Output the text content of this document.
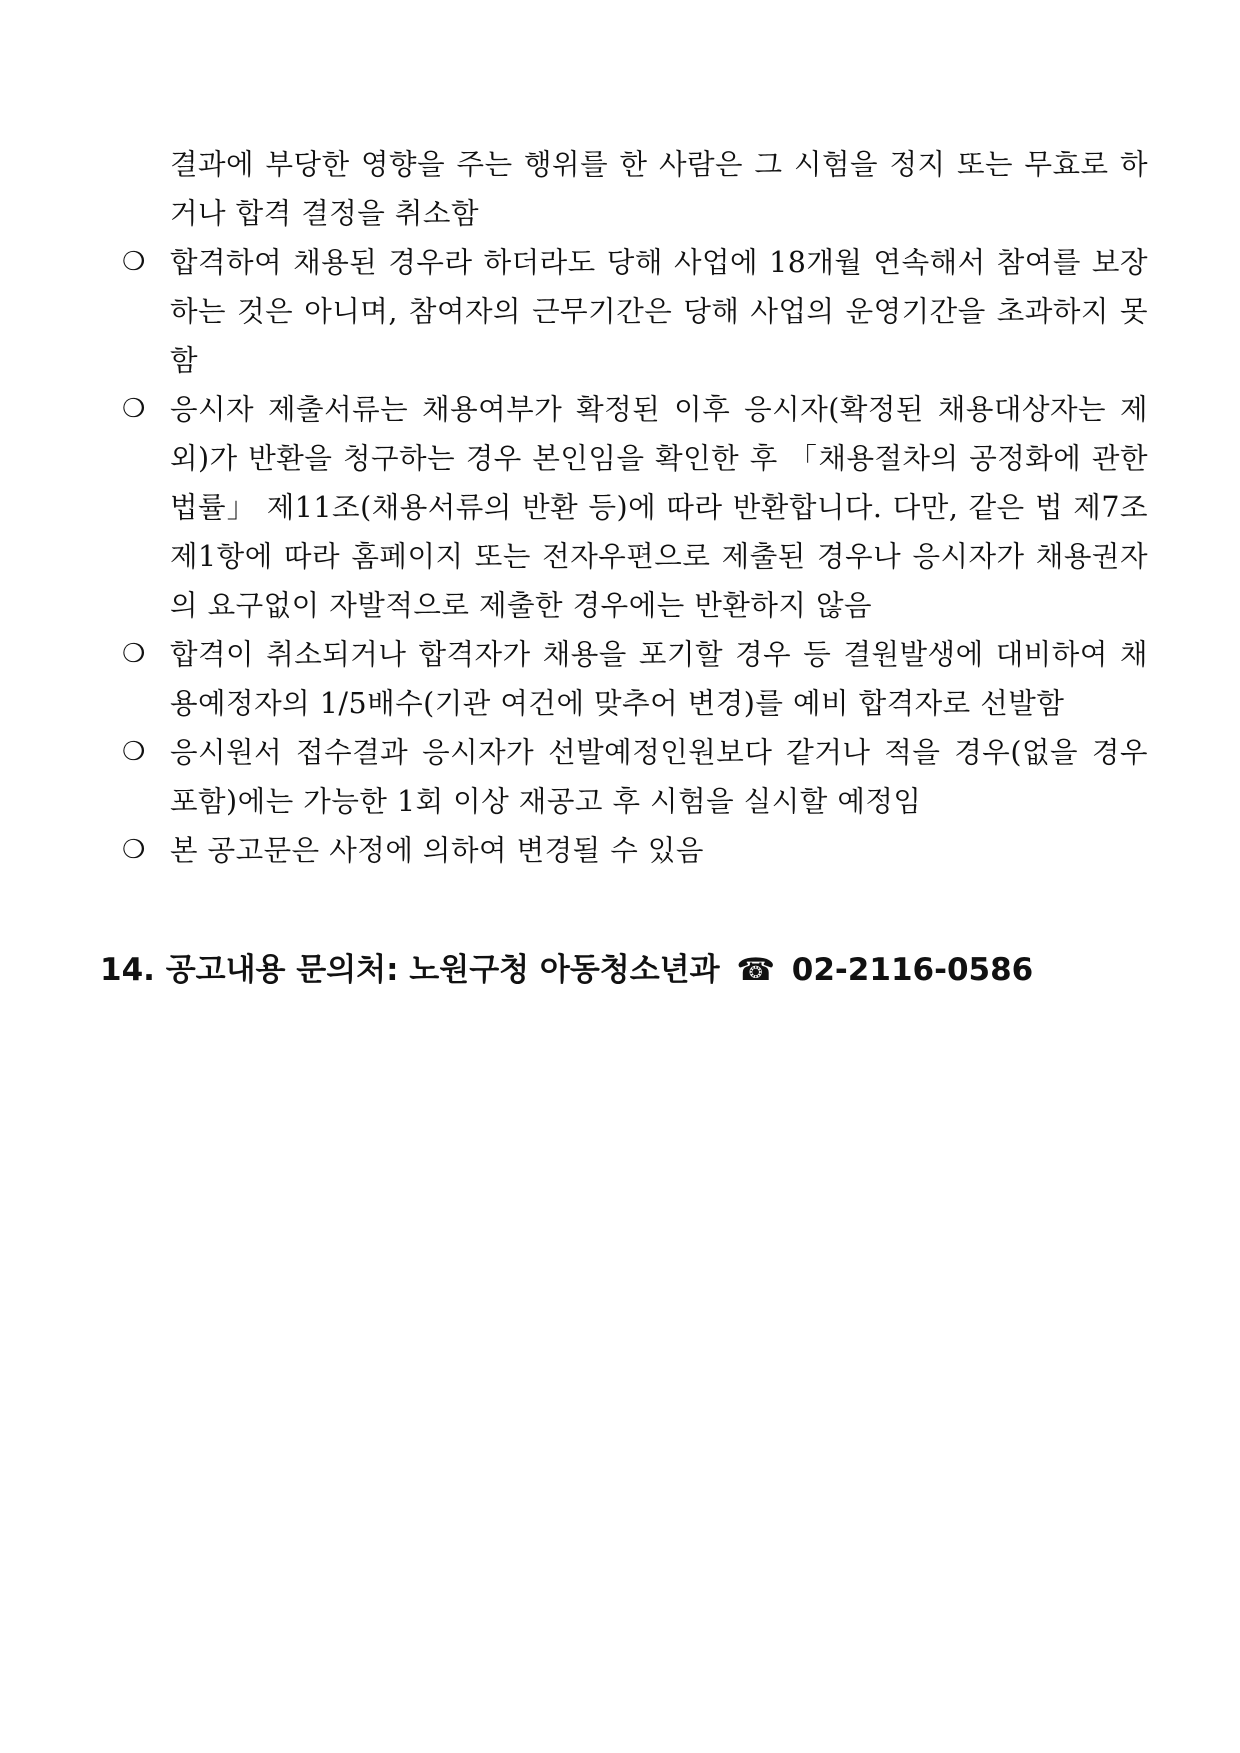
결과에 부당한 영향을 주는 행위를 한 사람은 그 시험을 정지 또는 무효로 하거나 합격 결정을 취소함
❍ 합격하여 채용된 경우라 하더라도 당해 사업에 18개월 연속해서 참여를 보장하는 것은 아니며, 참여자의 근무기간은 당해 사업의 운영기간을 초과하지 못함
❍ 응시자 제출서류는 채용여부가 확정된 이후 응시자(확정된 채용대상자는 제외)가 반환을 청구하는 경우 본인임을 확인한 후 「채용절차의 공정화에 관한 법률」 제11조(채용서류의 반환 등)에 따라 반환합니다. 다만, 같은 법 제7조 제1항에 따라 홈페이지 또는 전자우편으로 제출된 경우나 응시자가 채용권자의 요구없이 자발적으로 제출한 경우에는 반환하지 않음
❍ 합격이 취소되거나 합격자가 채용을 포기할 경우 등 결원발생에 대비하여 채용예정자의 1/5배수(기관 여건에 맞추어 변경)를 예비 합격자로 선발함
❍ 응시원서 접수결과 응시자가 선발예정인원보다 같거나 적을 경우(없을 경우 포함)에는 가능한 1회 이상 재공고 후 시험을 실시할 예정임
❍ 본 공고문은 사정에 의하여 변경될 수 있음
14. 공고내용 문의처: 노원구청 아동청소년과 ☎ 02-2116-0586
